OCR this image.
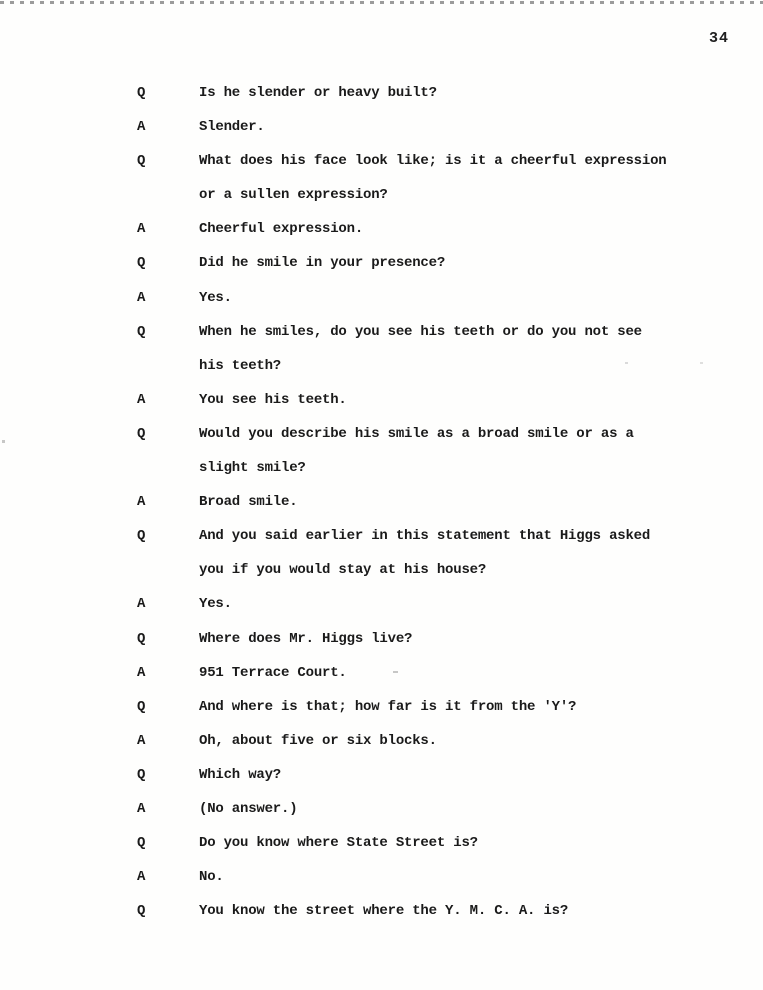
34
Q	Is he slender or heavy built?
A	Slender.
Q	What does his face look like; is it a cheerful expression
or a sullen expression?
A	Cheerful expression.
Q	Did he smile in your presence?
A	Yes.
Q	When he smiles, do you see his teeth or do you not see
his teeth?
A	You see his teeth.
Q	Would you describe his smile as a broad smile or as a
slight smile?
A	Broad smile.
Q	And you said earlier in this statement that Higgs asked
you if you would stay at his house?
A	Yes.
Q	Where does Mr. Higgs live?
A	951 Terrace Court.
Q	And where is that; how far is it from the 'Y'?
A	Oh, about five or six blocks.
Q	Which way?
A	(No answer.)
Q	Do you know where State Street is?
A	No.
Q	You know the street where the Y. M. C. A. is?
